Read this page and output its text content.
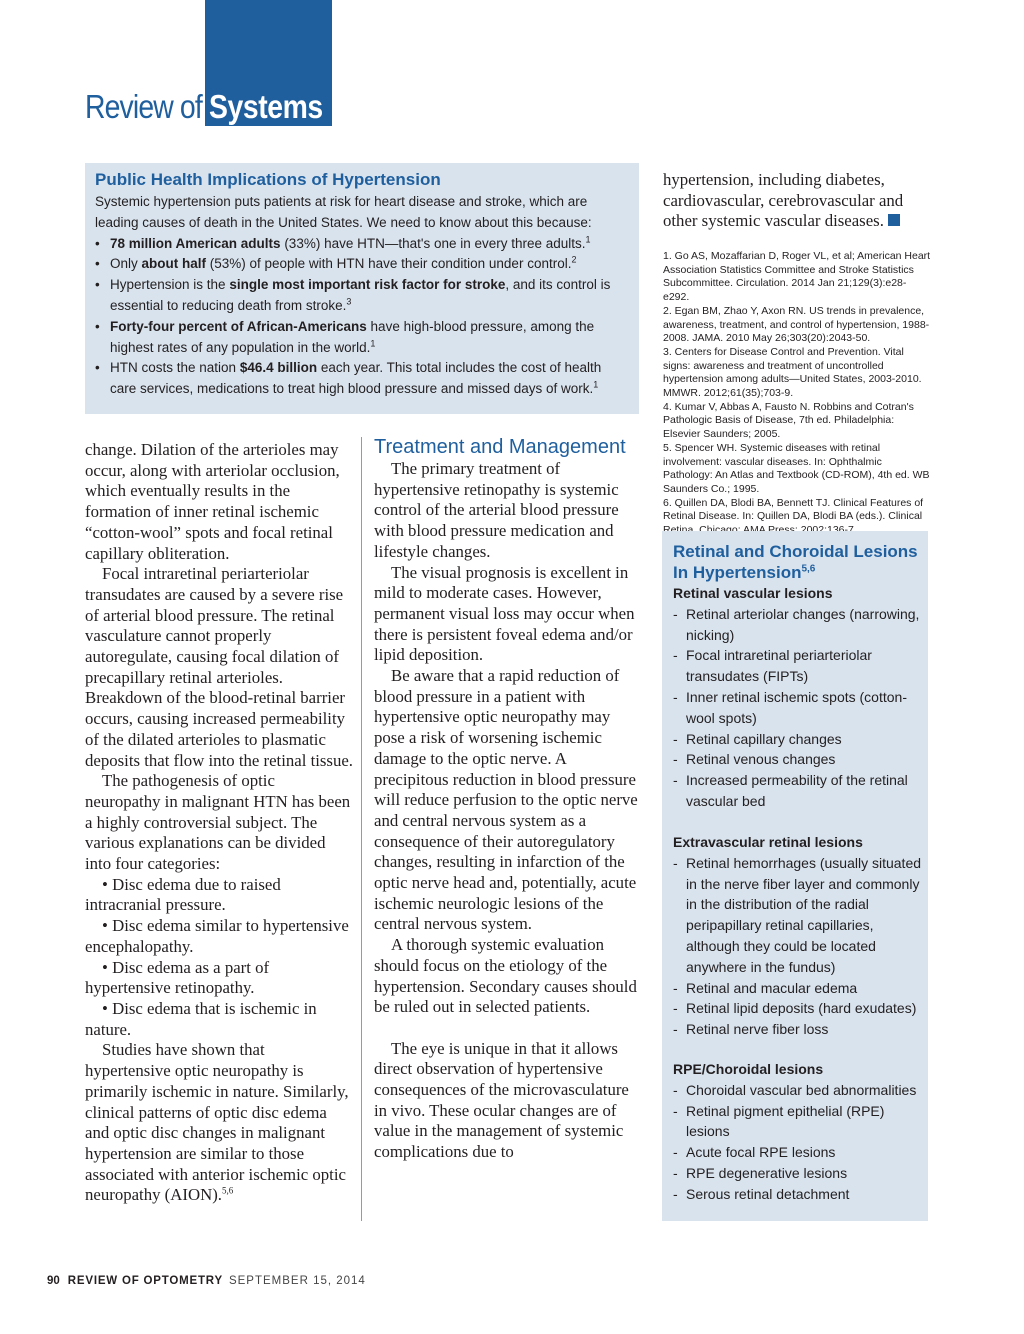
Review of Systems
Public Health Implications of Hypertension

Systemic hypertension puts patients at risk for heart disease and stroke, which are leading causes of death in the United States. We need to know about this because:

• 78 million American adults (33%) have HTN—that's one in every three adults.$^1$
• Only about half (53%) of people with HTN have their condition under control.$^2$
• Hypertension is the single most important risk factor for stroke, and its control is essential to reducing death from stroke.$^3$
• Forty-four percent of African-Americans have high-blood pressure, among the highest rates of any population in the world.$^1$
• HTN costs the nation $46.4 billion each year. This total includes the cost of health care services, medications to treat high blood pressure and missed days of work.$^1$

change. Dilation of the arterioles may occur, along with arteriolar occlusion, which eventually results in the formation of inner retinal ischemic “cotton-wool” spots and focal retinal capillary obliteration.

Focal intraretinal periarteriolar transudates are caused by a severe rise of arterial blood pressure. The retinal vasculature cannot properly autoregulate, causing focal dilation of precapillary retinal arterioles. Breakdown of the blood-retinal barrier occurs, causing increased permeability of the dilated arterioles to plasmatic deposits that flow into the retinal tissue.

The pathogenesis of optic neuropathy in malignant HTN has been a highly controversial subject. The various explanations can be divided into four categories:

• Disc edema due to raised intracranial pressure.

• Disc edema similar to hypertensive encephalopathy.

• Disc edema as a part of hypertensive retinopathy.

• Disc edema that is ischemic in nature.

Studies have shown that hypertensive optic neuropathy is primarily ischemic in nature. Similarly, clinical patterns of optic disc edema and optic disc changes in malignant hypertension are similar to those associated with anterior ischemic optic neuropathy (AION).$^{5,6}$

Treatment and Management

The primary treatment of hypertensive retinopathy is systemic control of the arterial blood pressure with blood pressure medication and lifestyle changes.

The visual prognosis is excellent in mild to moderate cases. However, permanent visual loss may occur when there is persistent foveal edema and/or lipid deposition.

Be aware that a rapid reduction of blood pressure in a patient with hypertensive optic neuropathy may pose a risk of worsening ischemic damage to the optic nerve. A precipitous reduction in blood pressure will reduce perfusion to the optic nerve and central nervous system as a consequence of their autoregulatory changes, resulting in infarction of the optic nerve head and, potentially, acute ischemic neurologic lesions of the central nervous system.

A thorough systemic evaluation should focus on the etiology of the hypertension. Secondary causes should be ruled out in selected patients.

The eye is unique in that it allows direct observation of hypertensive consequences of the microvasculature in vivo. These ocular changes are of value in the management of systemic complications due to

hypertension, including diabetes, cardiovascular, cerebrovascular and other systemic vascular diseases.

1. Go AS, Mozaffarian D, Roger VL, et al; American Heart Association Statistics Committee and Stroke Statistics Subcommittee. Circulation. 2014 Jan 21;129(3):e28-e292.

2. Egan BM, Zhao Y, Axon RN. US trends in prevalence, awareness, treatment, and control of hypertension, 1988-2008. JAMA. 2010 May 26;303(20):2043-50.

3. Centers for Disease Control and Prevention. Vital signs: awareness and treatment of uncontrolled hypertension among adults—United States, 2003-2010. MMWR. 2012;61(35);703-9.

4. Kumar V, Abbas A, Fausto N. Robbins and Cotran's Pathologic Basis of Disease, 7th ed. Philadelphia: Elsevier Saunders; 2005.

5. Spencer WH. Systemic diseases with retinal involvement: vascular diseases. In: Ophthalmic Pathology: An Atlas and Textbook (CD-ROM), 4th ed. WB Saunders Co.; 1995.

6. Quillen DA, Blodi BA, Bennett TJ. Clinical Features of Retinal Disease. In: Quillen DA, Blodi BA (eds.). Clinical

Retinal and Choroidal Lesions In Hypertension$^{5,6}$

Retinal vascular lesions

- Retinal arteriolar changes (narrowing, nicking)
- Focal intraretinal periarteriolar transudates (FIPTs)
- Inner retinal ischemic spots (cotton-wool spots)
- Retinal capillary changes
- Retinal venous changes
- Increased permeability of the retinal vascular bed

Extravascular retinal lesions

- Retinal hemorrhages (usually situated in the nerve fiber layer and commonly in the distribution of the radial peripapillary retinal capillaries, although they could be located anywhere in the fundus)
- Retinal and macular edema
- Retinal lipid deposits (hard exudates)
- Retinal nerve fiber loss

RPE/Choroidal lesions

- Choroidal vascular bed abnormalities
- Retinal pigment epithelial (RPE) lesions
- Acute focal RPE lesions
- RPE degenerative lesions
- Serous retinal detachment
90 REVIEW OF OPTOMETRY SEPTEMBER 15, 2014
